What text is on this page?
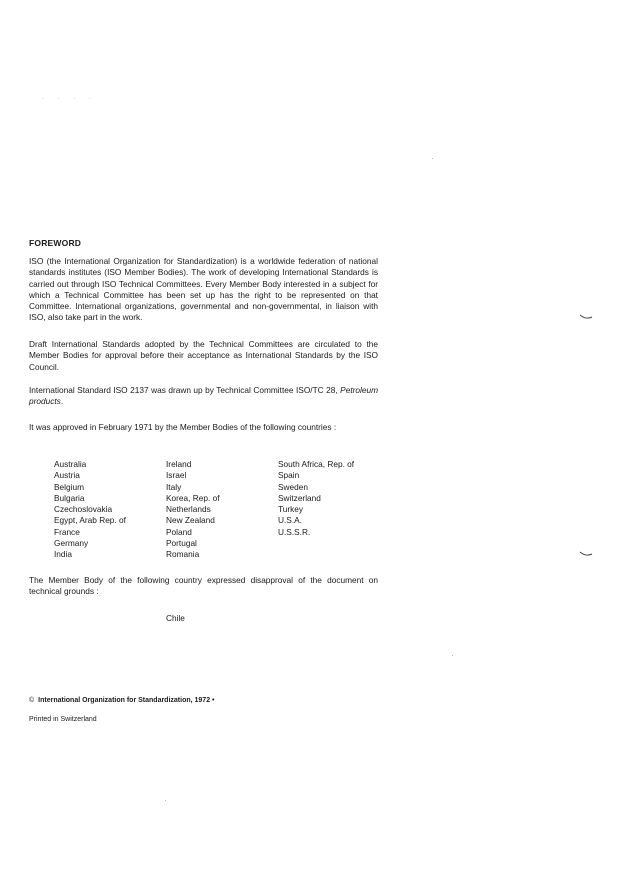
· · · ·
FOREWORD
ISO (the International Organization for Standardization) is a worldwide federation of national standards institutes (ISO Member Bodies). The work of developing International Standards is carried out through ISO Technical Committees. Every Member Body interested in a subject for which a Technical Committee has been set up has the right to be represented on that Committee. International organizations, governmental and non-governmental, in liaison with ISO, also take part in the work.
Draft International Standards adopted by the Technical Committees are circulated to the Member Bodies for approval before their acceptance as International Standards by the ISO Council.
International Standard ISO 2137 was drawn up by Technical Committee ISO/TC 28, Petroleum products.
It was approved in February 1971 by the Member Bodies of the following countries :
Australia
Austria
Belgium
Bulgaria
Czechoslovakia
Egypt, Arab Rep. of
France
Germany
India
Ireland
Israel
Italy
Korea, Rep. of
Netherlands
New Zealand
Poland
Portugal
Romania
South Africa, Rep. of
Spain
Sweden
Switzerland
Turkey
U.S.A.
U.S.S.R.
The Member Body of the following country expressed disapproval of the document on technical grounds :
Chile
© International Organization for Standardization, 1972 •
Printed in Switzerland
